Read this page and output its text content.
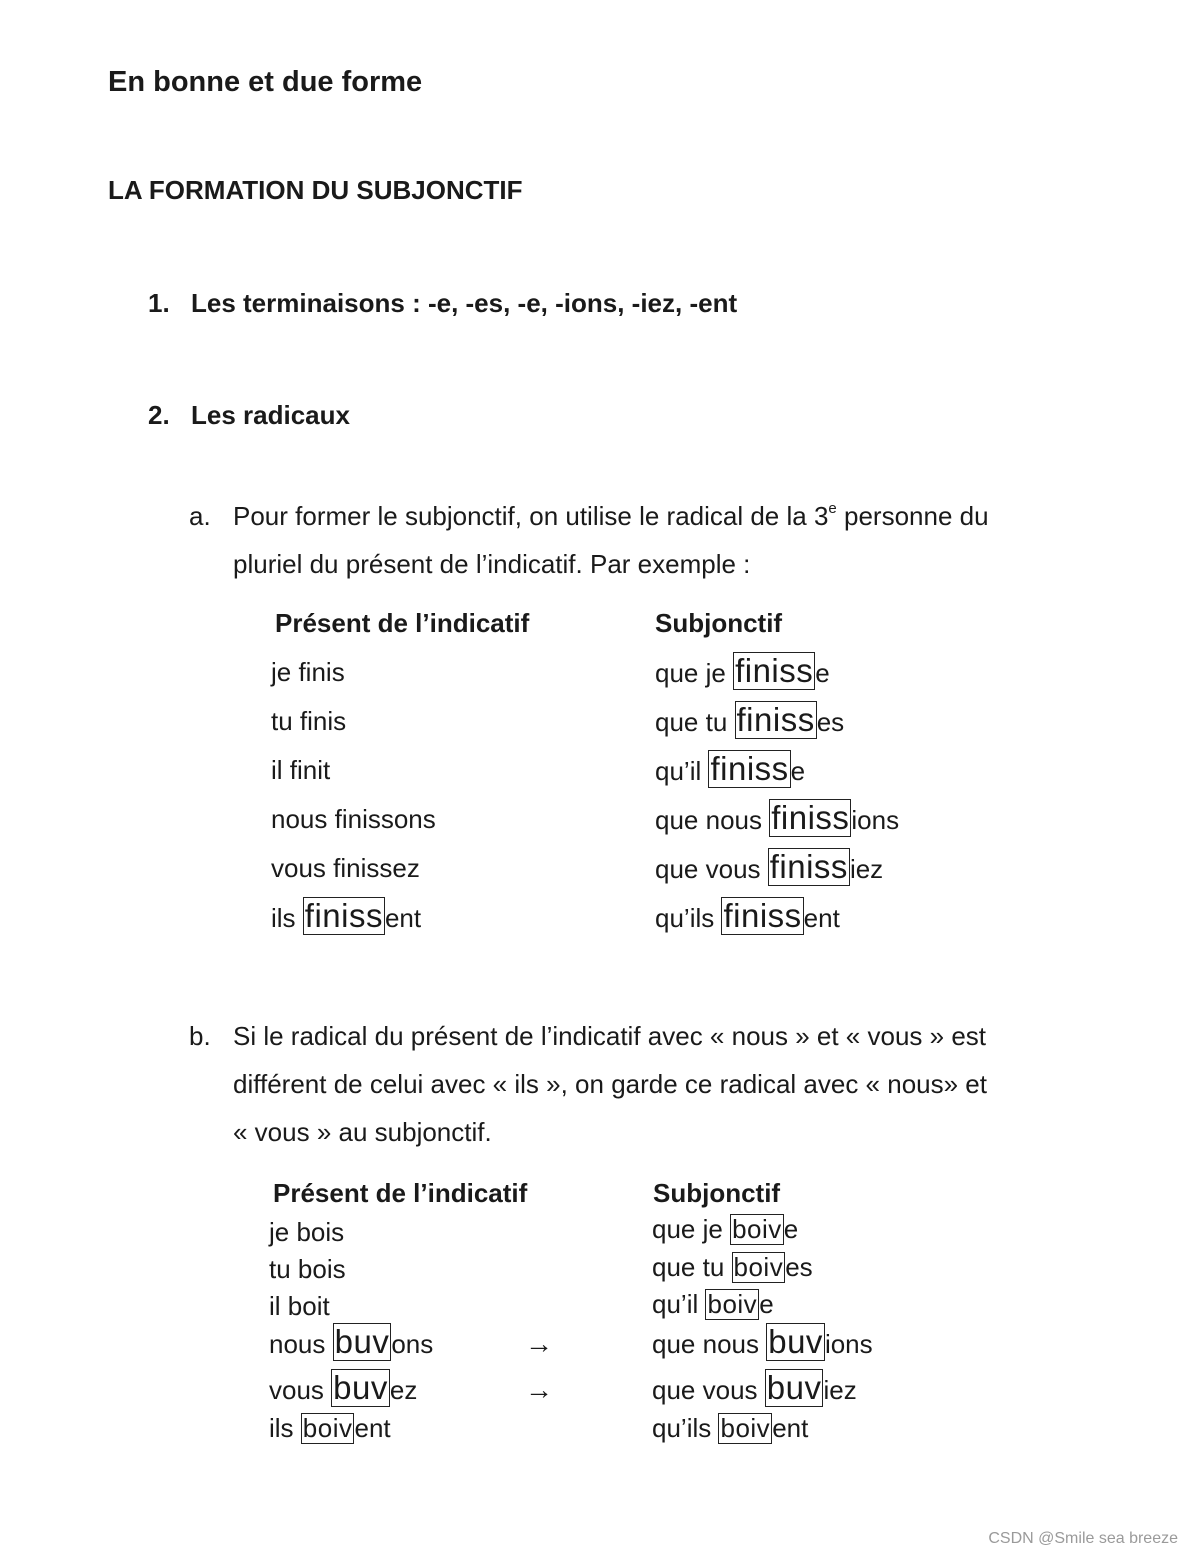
En bonne et due forme
LA FORMATION DU SUBJONCTIF
1. Les terminaisons : -e, -es, -e, -ions, -iez, -ent
2. Les radicaux
a. Pour former le subjonctif, on utilise le radical de la 3e personne du
pluriel du présent de l’indicatif. Par exemple :
Présent de l’indicatif	Subjonctif
je finis
tu finis
il finit
nous finissons
vous finissez
ils finissent
que je finisse
que tu finisses
qu’il finisse
que nous finissions
que vous finissiez
qu’ils finissent
b. Si le radical du présent de l’indicatif avec « nous » et « vous » est
différent de celui avec « ils », on garde ce radical avec « nous» et
« vous » au subjonctif.
Présent de l’indicatif	Subjonctif
je bois
tu bois
il boit
nous buvons
vous buvez
ils boivent
→
→
que je boive
que tu boives
qu’il boive
que nous buvions
que vous buviez
qu’ils boivent
CSDN @Smile sea breeze
